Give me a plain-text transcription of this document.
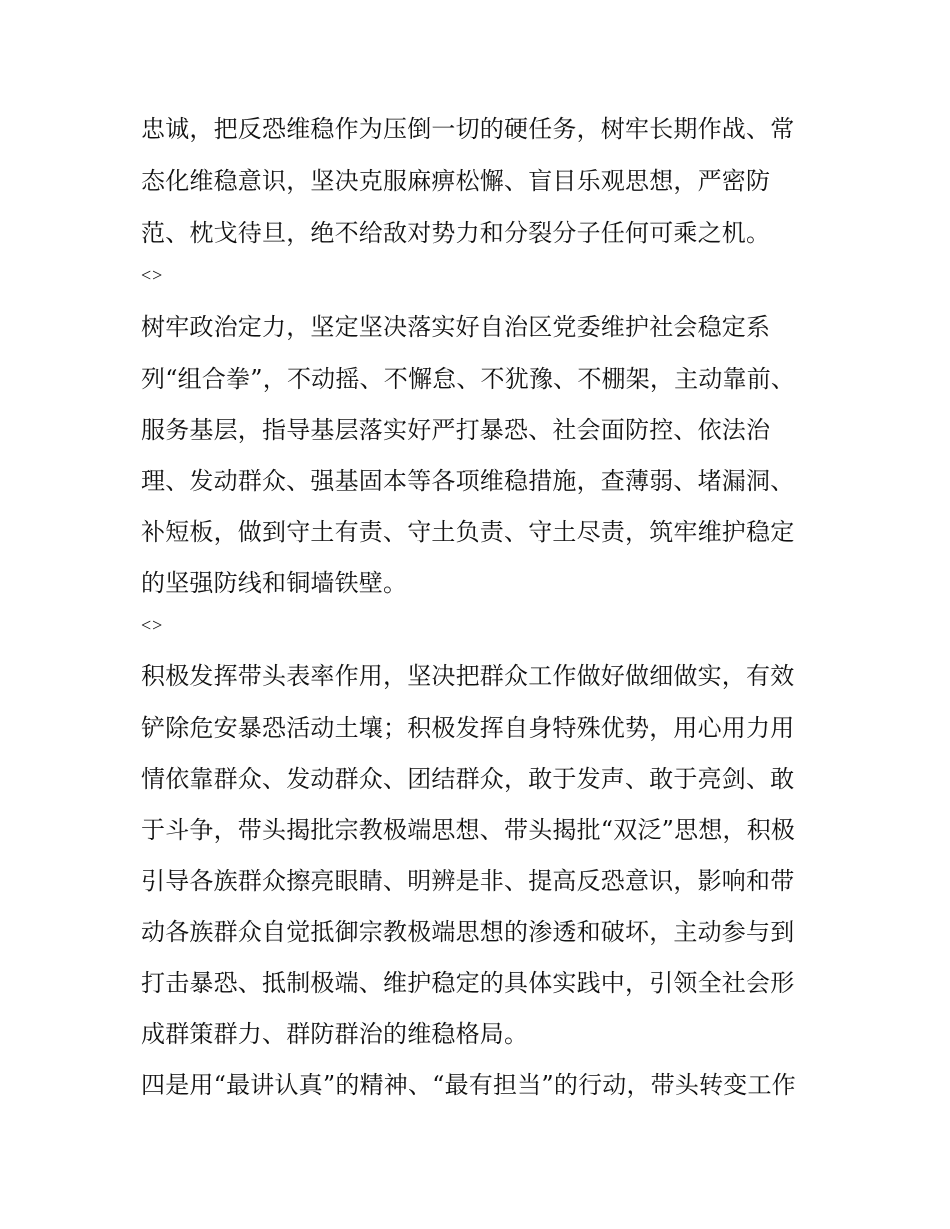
忠诚，把反恐维稳作为压倒一切的硬任务，树牢长期作战、常
态化维稳意识，坚决克服麻痹松懈、盲目乐观思想，严密防
范、枕戈待旦，绝不给敌对势力和分裂分子任何可乘之机。
<>
树牢政治定力，坚定坚决落实好自治区党委维护社会稳定系
列“组合拳”，不动摇、不懈怠、不犹豫、不棚架，主动靠前、
服务基层，指导基层落实好严打暴恐、社会面防控、依法治
理、发动群众、强基固本等各项维稳措施，查薄弱、堵漏洞、
补短板，做到守土有责、守土负责、守土尽责，筑牢维护稳定
的坚强防线和铜墙铁壁。
<>
积极发挥带头表率作用，坚决把群众工作做好做细做实，有效
铲除危安暴恐活动土壤；积极发挥自身特殊优势，用心用力用
情依靠群众、发动群众、团结群众，敢于发声、敢于亮剑、敢
于斗争，带头揭批宗教极端思想、带头揭批“双泛”思想，积极
引导各族群众擦亮眼睛、明辨是非、提高反恐意识，影响和带
动各族群众自觉抵御宗教极端思想的渗透和破坏，主动参与到
打击暴恐、抵制极端、维护稳定的具体实践中，引领全社会形
成群策群力、群防群治的维稳格局。
四是用“最讲认真”的精神、“最有担当”的行动，带头转变工作
